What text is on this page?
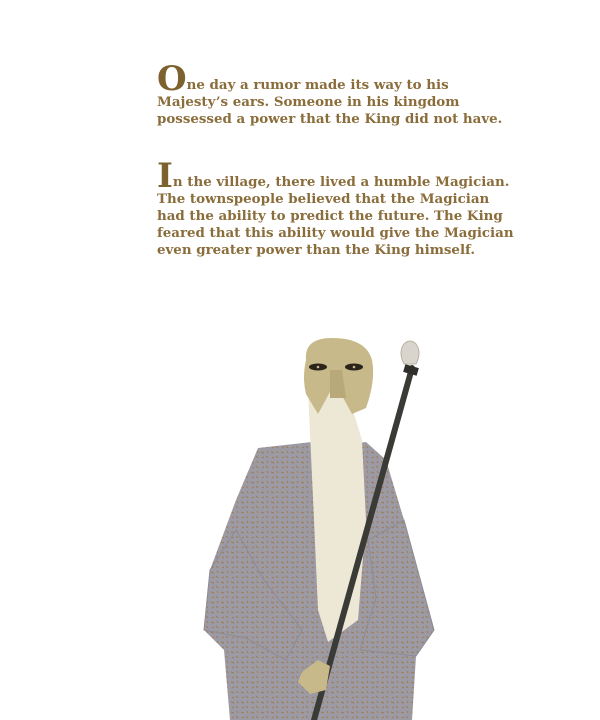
One day a rumor made its way to his Majesty’s ears. Someone in his kingdom possessed a power that the King did not have.

In the village, there lived a humble Magician. The townspeople believed that the Magician had the ability to predict the future. The King feared that this ability would give the Magician even greater power than the King himself.
